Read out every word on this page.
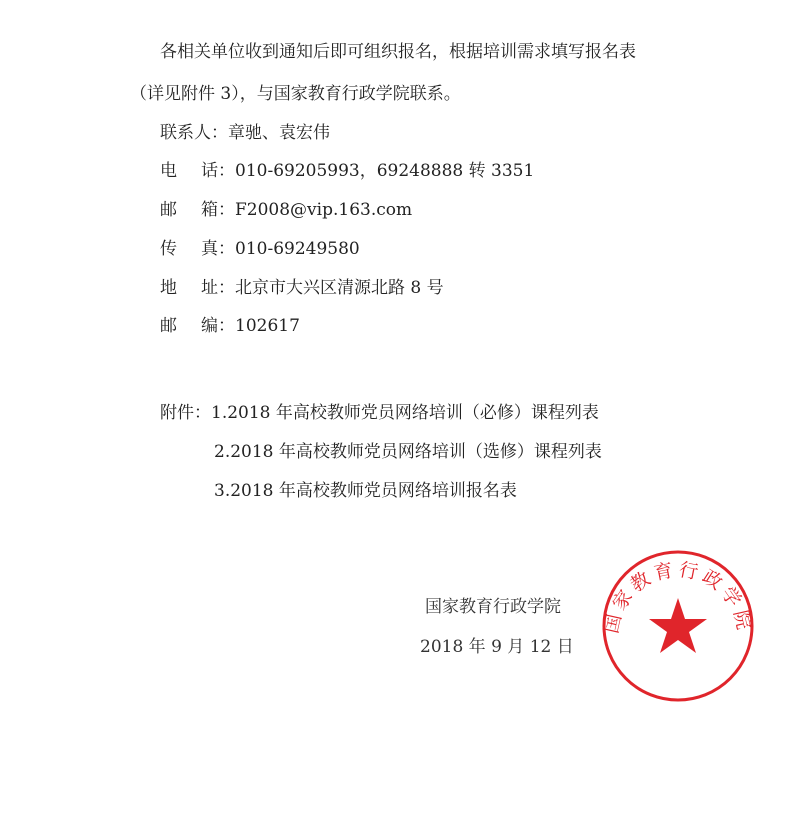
各相关单位收到通知后即可组织报名，根据培训需求填写报名表
（详见附件 3），与国家教育行政学院联系。
联系人：章驰、袁宏伟
电 话：010-69205993，69248888 转 3351
邮 箱：F2008@vip.163.com
传 真：010-69249580
地 址：北京市大兴区清源北路 8 号
邮 编：102617
附件：1.2018 年高校教师党员网络培训（必修）课程列表
2.2018 年高校教师党员网络培训（选修）课程列表
3.2018 年高校教师党员网络培训报名表
国家教育行政学院
国家教育行政学院
2018 年 9 月 12 日
